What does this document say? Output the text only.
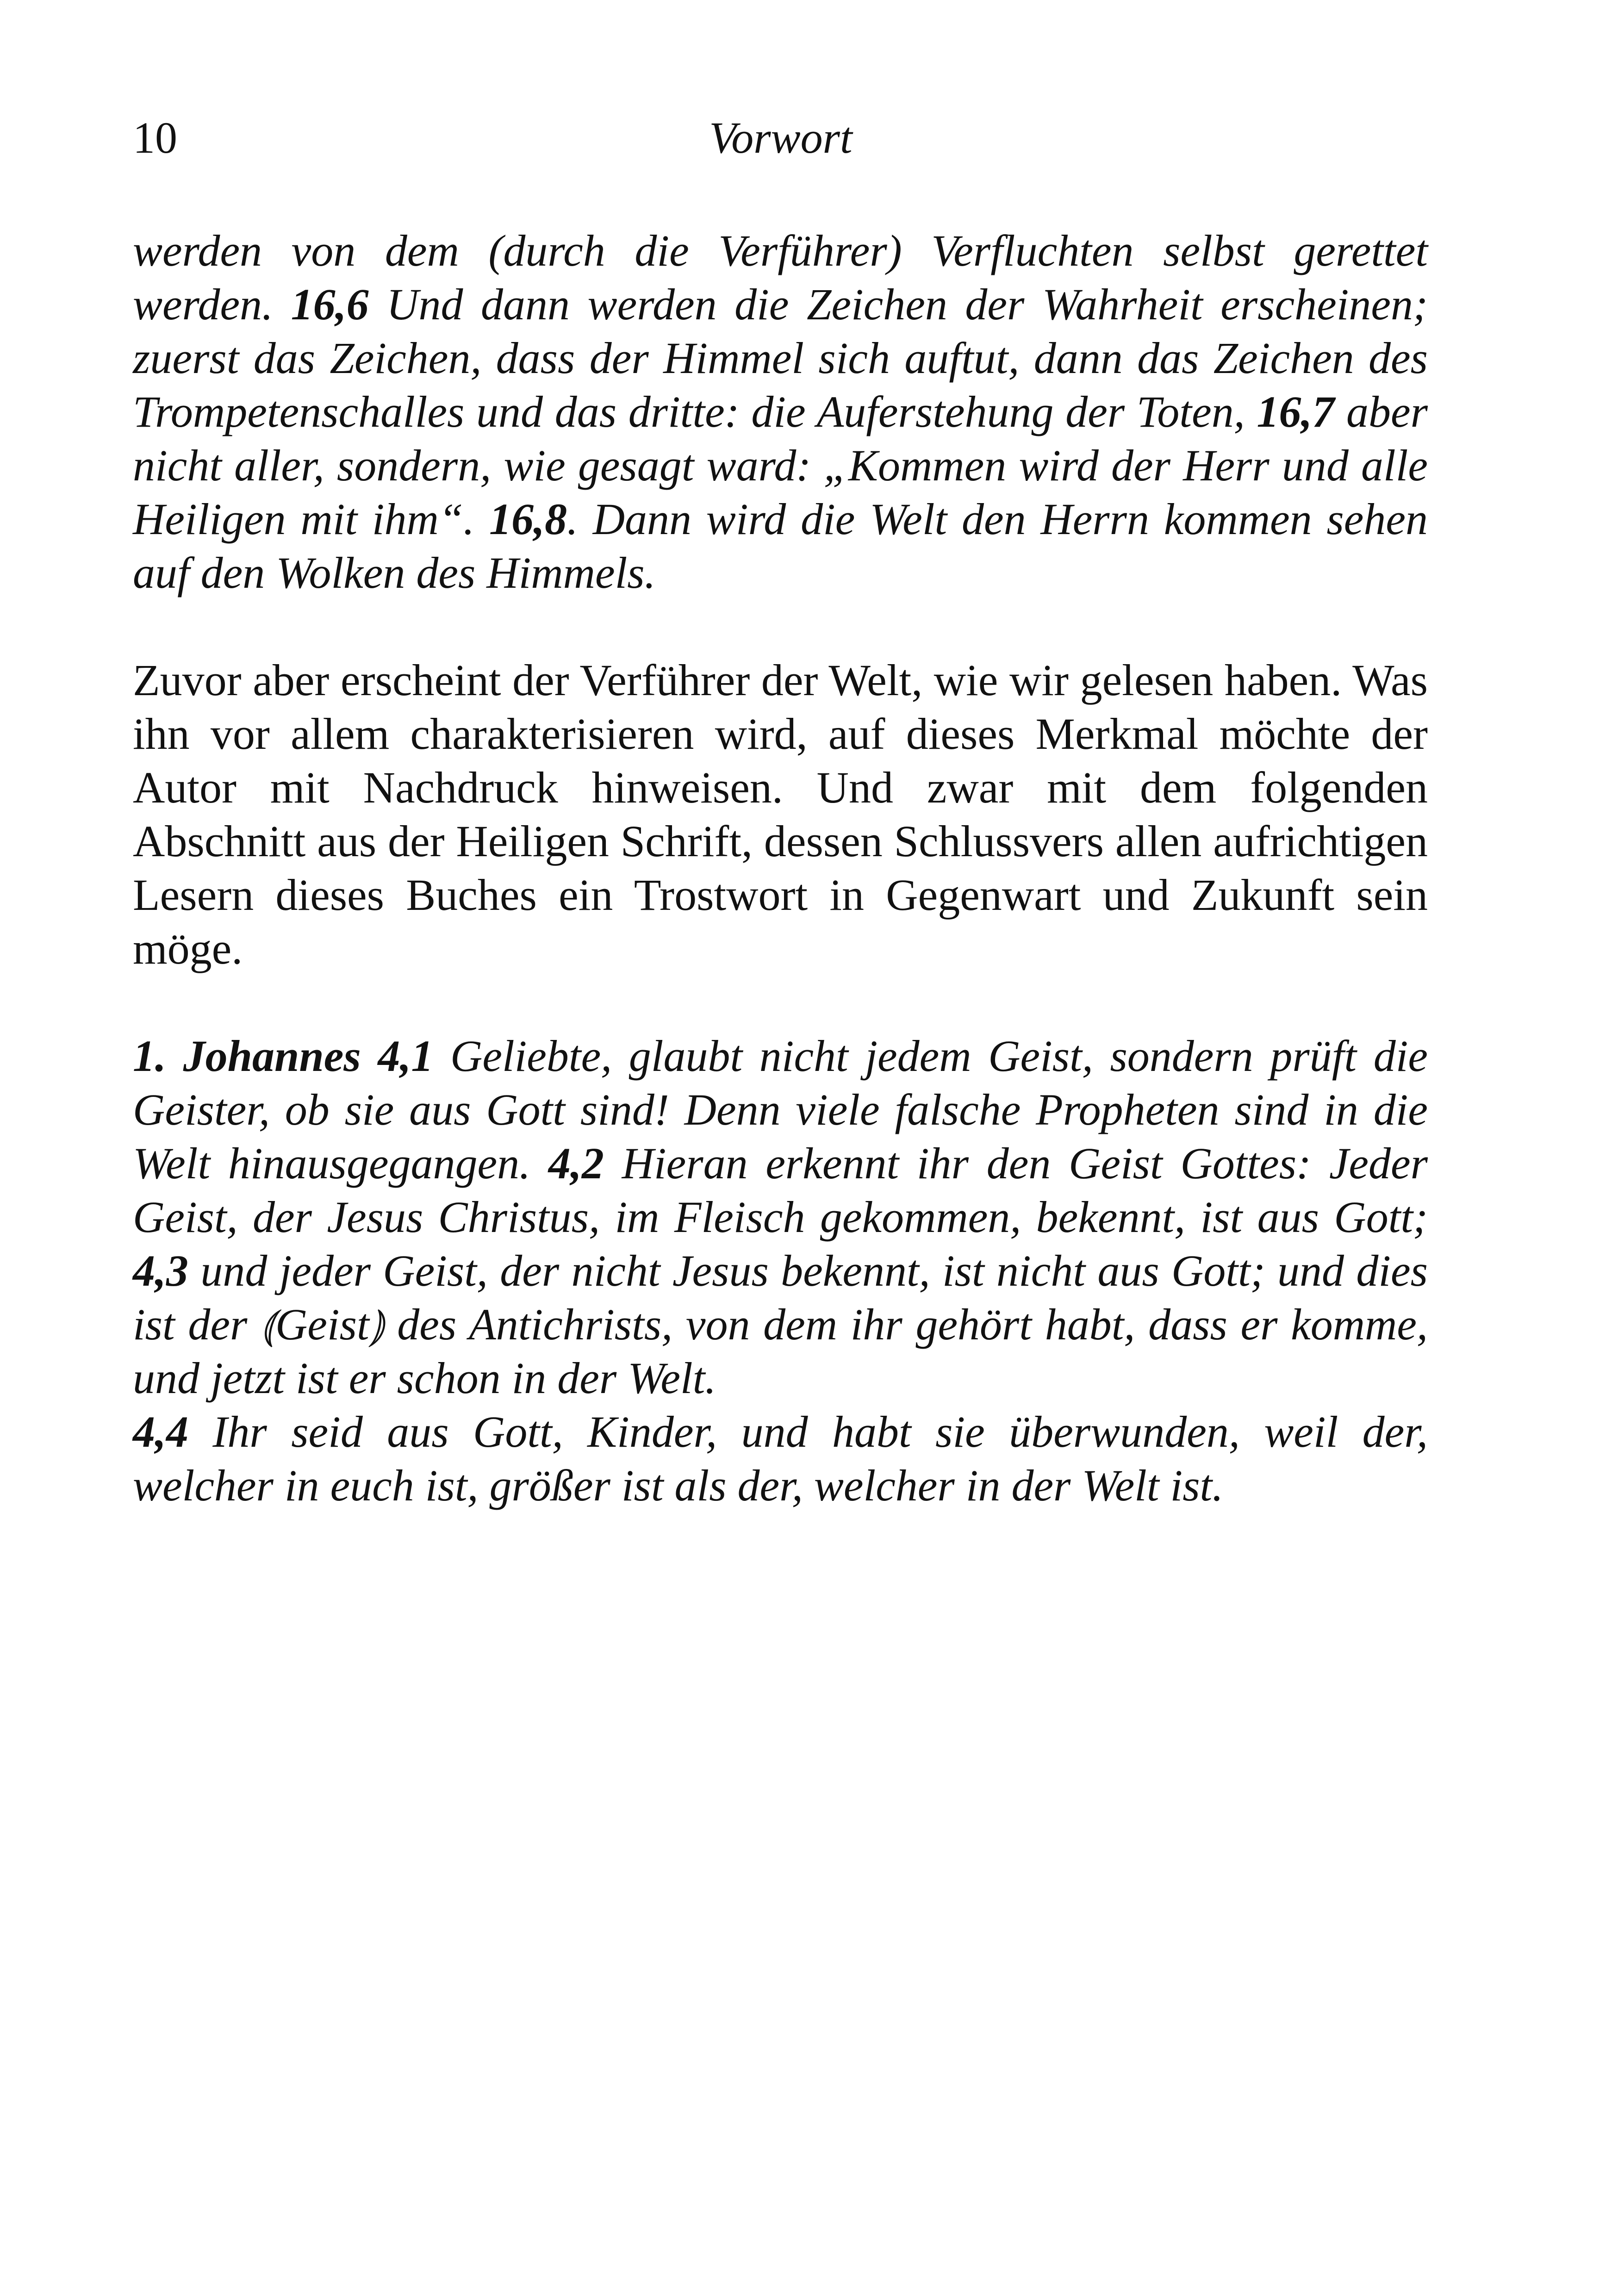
10	Vorwort

werden von dem (durch die Verführer) Verfluchten selbst gerettet werden. 16,6 Und dann werden die Zeichen der Wahrheit erscheinen; zuerst das Zeichen, dass der Himmel sich auftut, dann das Zeichen des Trompetenschalles und das dritte: die Auferstehung der Toten, 16,7 aber nicht aller, sondern, wie gesagt ward: „Kommen wird der Herr und alle Heiligen mit ihm“. 16,8. Dann wird die Welt den Herrn kommen sehen auf den Wolken des Himmels.

Zuvor aber erscheint der Verführer der Welt, wie wir gelesen haben. Was ihn vor allem charakterisieren wird, auf dieses Merkmal möchte der Autor mit Nachdruck hinweisen. Und zwar mit dem folgenden Abschnitt aus der Heiligen Schrift, dessen Schlussvers allen aufrichtigen Lesern dieses Buches ein Trostwort in Gegenwart und Zukunft sein möge.

1. Johannes 4,1 Geliebte, glaubt nicht jedem Geist, sondern prüft die Geister, ob sie aus Gott sind! Denn viele falsche Propheten sind in die Welt hinausgegangen. 4,2 Hieran erkennt ihr den Geist Gottes: Jeder Geist, der Jesus Christus, im Fleisch gekommen, bekennt, ist aus Gott; 4,3 und jeder Geist, der nicht Jesus bekennt, ist nicht aus Gott; und dies ist der ⦅Geist⦆ des Antichrists, von dem ihr gehört habt, dass er komme, und jetzt ist er schon in der Welt.

4,4 Ihr seid aus Gott, Kinder, und habt sie überwunden, weil der, welcher in euch ist, größer ist als der, welcher in der Welt ist.
